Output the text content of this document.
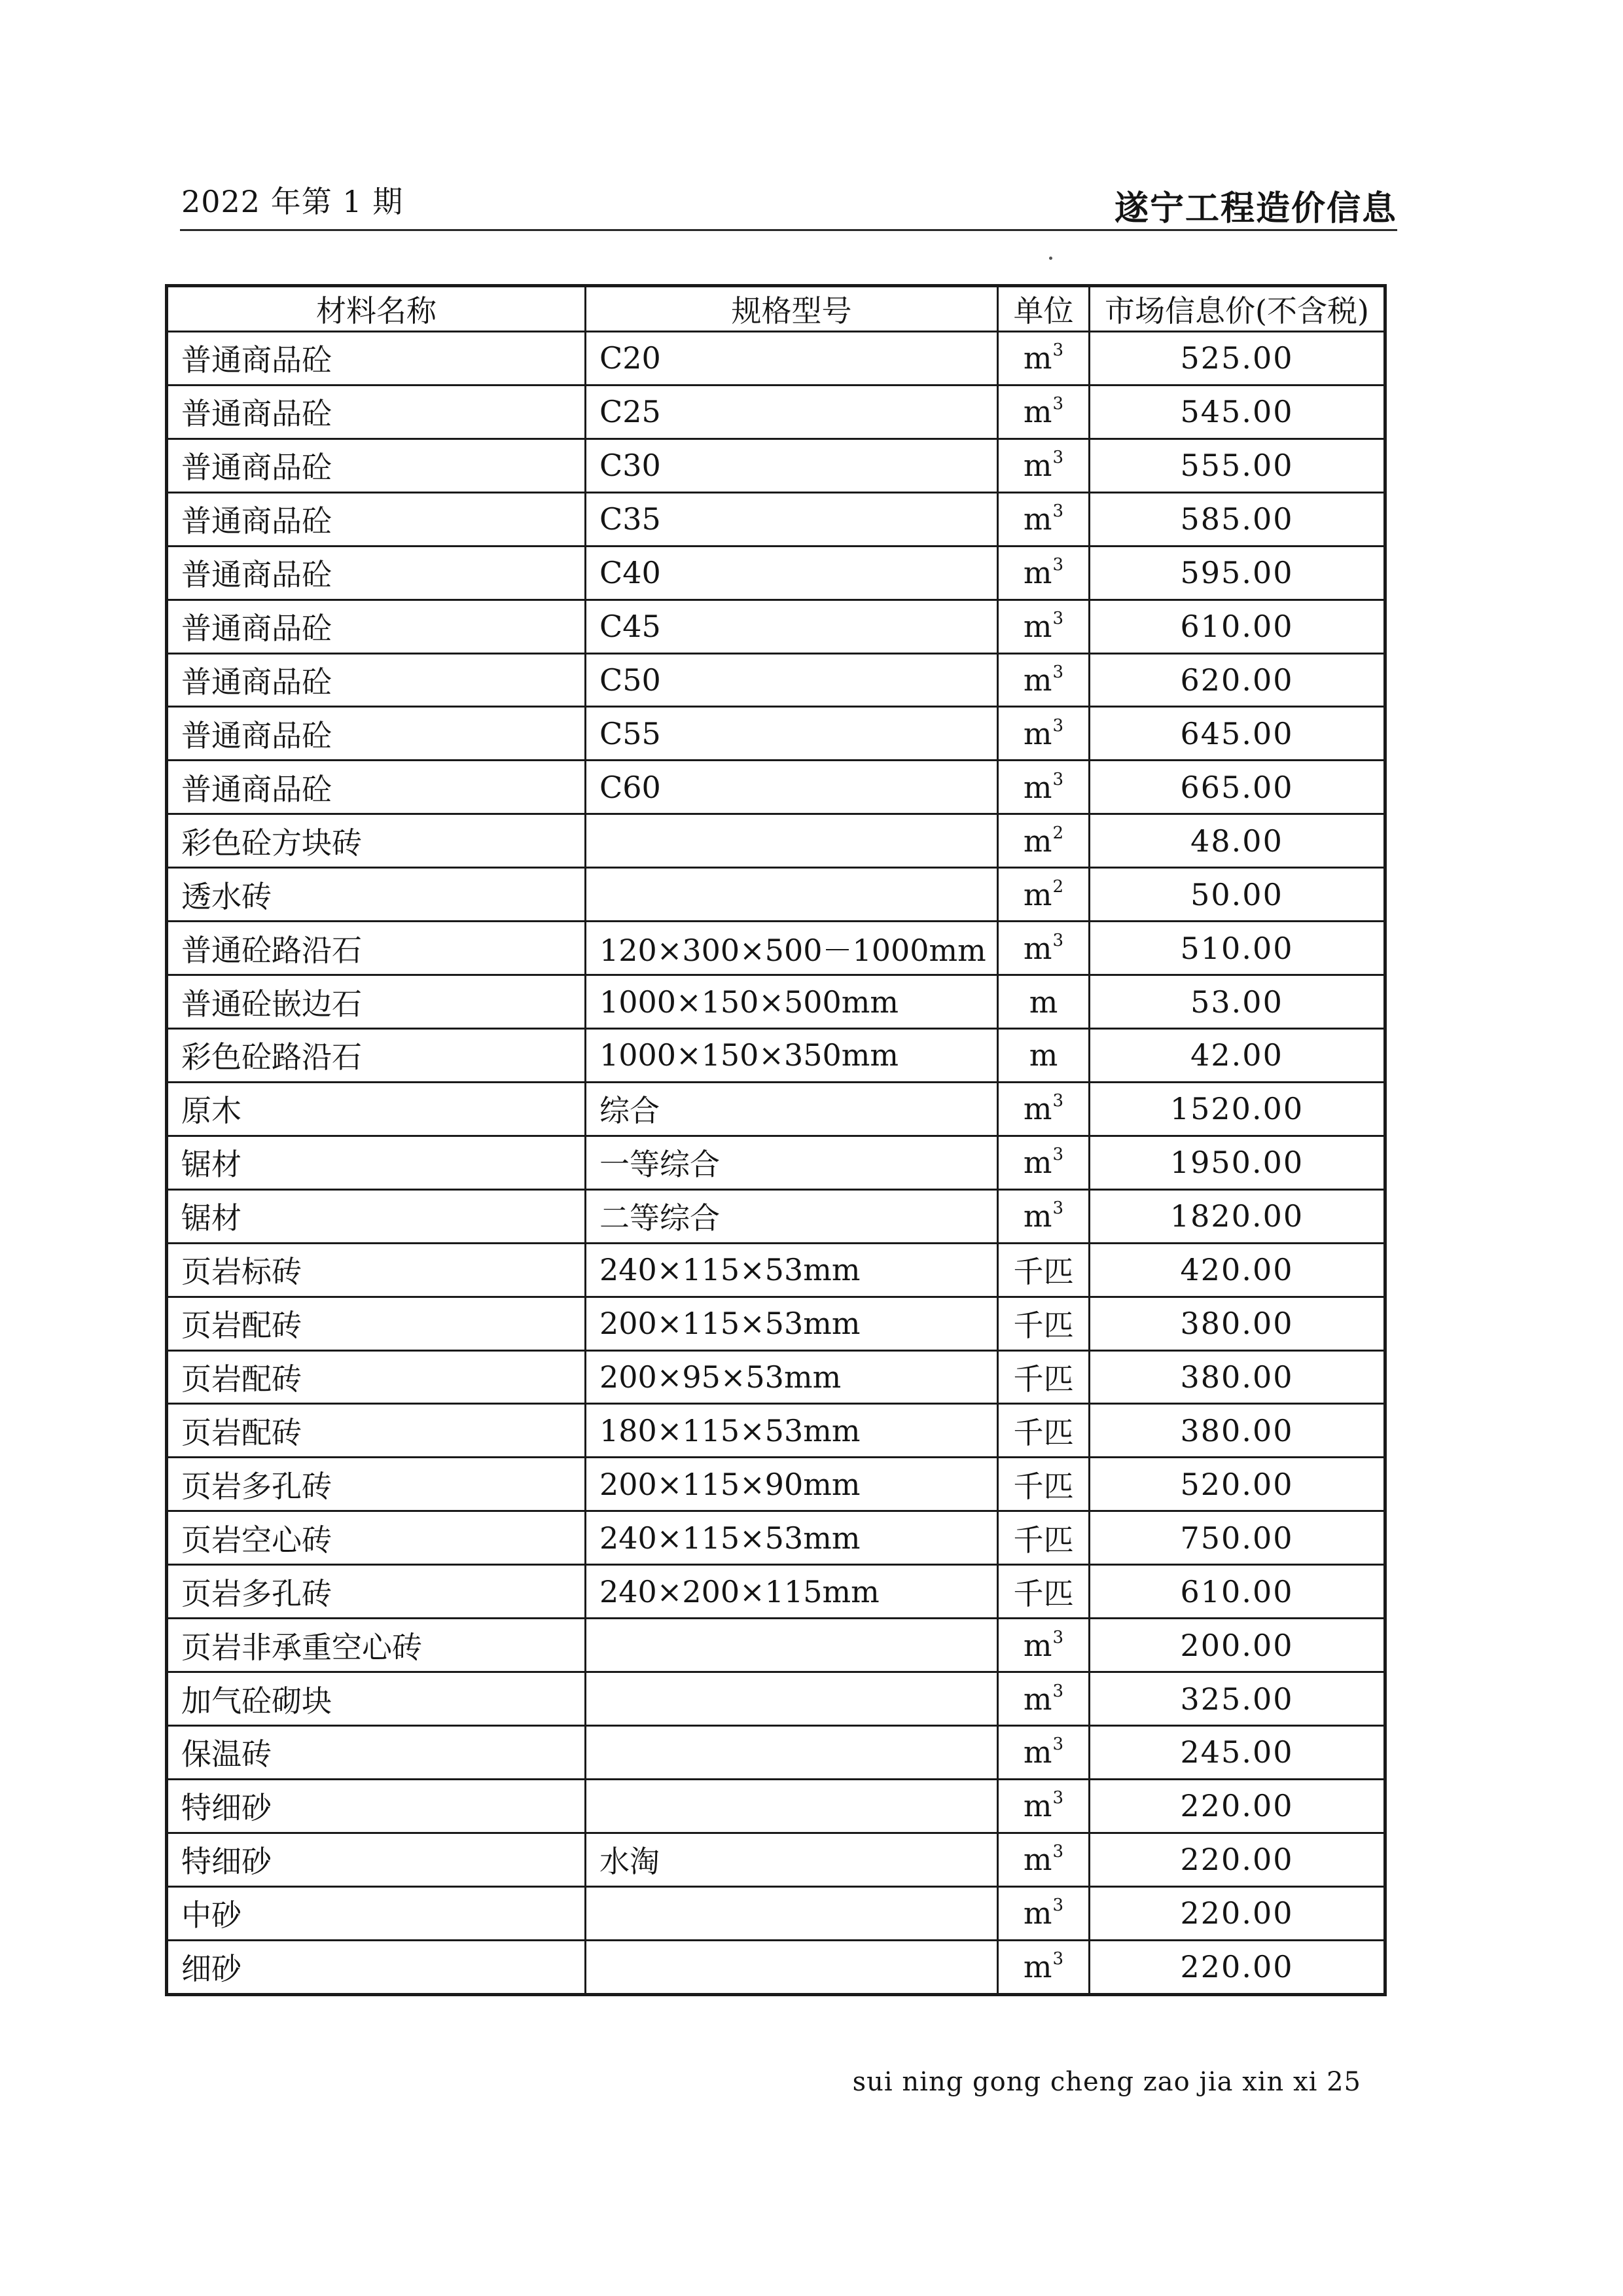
2022 年第 1 期	遂宁工程造价信息
材料名称	规格型号	单位	市场信息价(不含税)
普通商品砼	C20	$m^3$	525.00
普通商品砼	C25	$m^3$	545.00
普通商品砼	C30	$m^3$	555.00
普通商品砼	C35	$m^3$	585.00
普通商品砼	C40	$m^3$	595.00
普通商品砼	C45	$m^3$	610.00
普通商品砼	C50	$m^3$	620.00
普通商品砼	C55	$m^3$	645.00
普通商品砼	C60	$m^3$	665.00
彩色砼方块砖		$m^2$	48.00
透水砖		$m^2$	50.00
普通砼路沿石	120×300×500－1000mm	$m^3$	510.00
普通砼嵌边石	1000×150×500mm	m	53.00
彩色砼路沿石	1000×150×350mm	m	42.00
原木	综合	$m^3$	1520.00
锯材	一等综合	$m^3$	1950.00
锯材	二等综合	$m^3$	1820.00
页岩标砖	240×115×53mm	千匹	420.00
页岩配砖	200×115×53mm	千匹	380.00
页岩配砖	200×95×53mm	千匹	380.00
页岩配砖	180×115×53mm	千匹	380.00
页岩多孔砖	200×115×90mm	千匹	520.00
页岩空心砖	240×115×53mm	千匹	750.00
页岩多孔砖	240×200×115mm	千匹	610.00
页岩非承重空心砖		$m^3$	200.00
加气砼砌块		$m^3$	325.00
保温砖		$m^3$	245.00
特细砂		$m^3$	220.00
特细砂	水淘	$m^3$	220.00
中砂		$m^3$	220.00
细砂		$m^3$	220.00
sui ning gong cheng zao jia xin xi 25
